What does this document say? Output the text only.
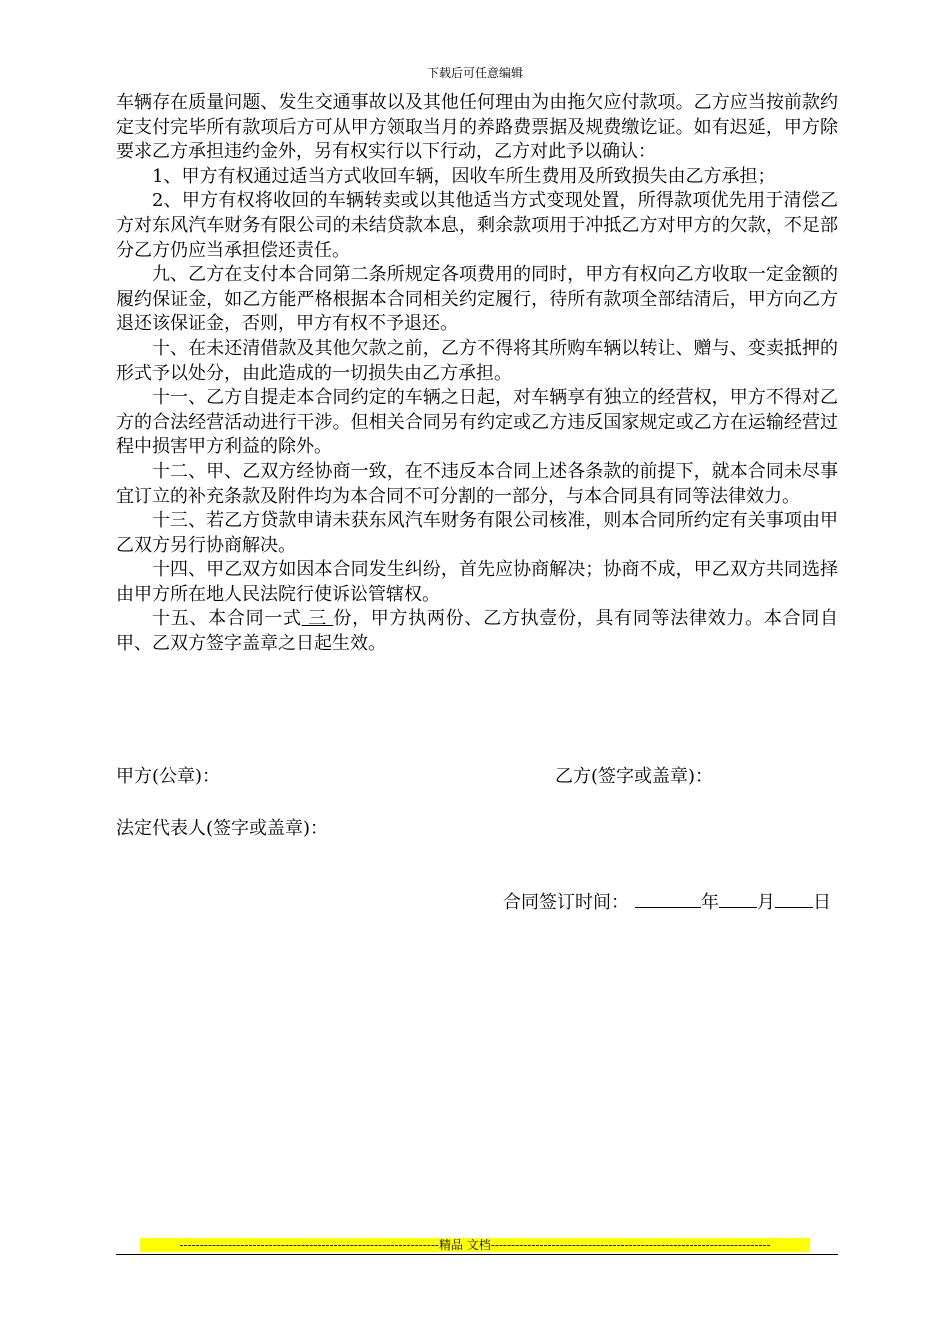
下载后可任意编辑

车辆存在质量问题、发生交通事故以及其他任何理由为由拖欠应付款项。乙方应当按前款约定支付完毕所有款项后方可从甲方领取当月的养路费票据及规费缴讫证。如有迟延，甲方除要求乙方承担违约金外，另有权实行以下行动，乙方对此予以确认：

1、甲方有权通过适当方式收回车辆，因收车所生费用及所致损失由乙方承担；

2、甲方有权将收回的车辆转卖或以其他适当方式变现处置，所得款项优先用于清偿乙方对东风汽车财务有限公司的未结贷款本息，剩余款项用于冲抵乙方对甲方的欠款，不足部分乙方仍应当承担偿还责任。

九、乙方在支付本合同第二条所规定各项费用的同时，甲方有权向乙方收取一定金额的履约保证金，如乙方能严格根据本合同相关约定履行，待所有款项全部结清后，甲方向乙方退还该保证金，否则，甲方有权不予退还。

十、在未还清借款及其他欠款之前，乙方不得将其所购车辆以转让、赠与、变卖抵押的形式予以处分，由此造成的一切损失由乙方承担。

十一、乙方自提走本合同约定的车辆之日起，对车辆享有独立的经营权，甲方不得对乙方的合法经营活动进行干涉。但相关合同另有约定或乙方违反国家规定或乙方在运输经营过程中损害甲方利益的除外。

十二、甲、乙双方经协商一致，在不违反本合同上述各条款的前提下，就本合同未尽事宜订立的补充条款及附件均为本合同不可分割的一部分，与本合同具有同等法律效力。

十三、若乙方贷款申请未获东风汽车财务有限公司核准，则本合同所约定有关事项由甲乙双方另行协商解决。

十四、甲乙双方如因本合同发生纠纷，首先应协商解决；协商不成，甲乙双方共同选择由甲方所在地人民法院行使诉讼管辖权。

十五、本合同一式 三 份，甲方执两份、乙方执壹份，具有同等法律效力。本合同自甲、乙双方签字盖章之日起生效。

甲方(公章)：	乙方(签字或盖章)：
法定代表人(签字或盖章)：
合同签订时间：	年 月 日
----------------------------------------------------------------精品 文档---------------------------------------------------------------------
